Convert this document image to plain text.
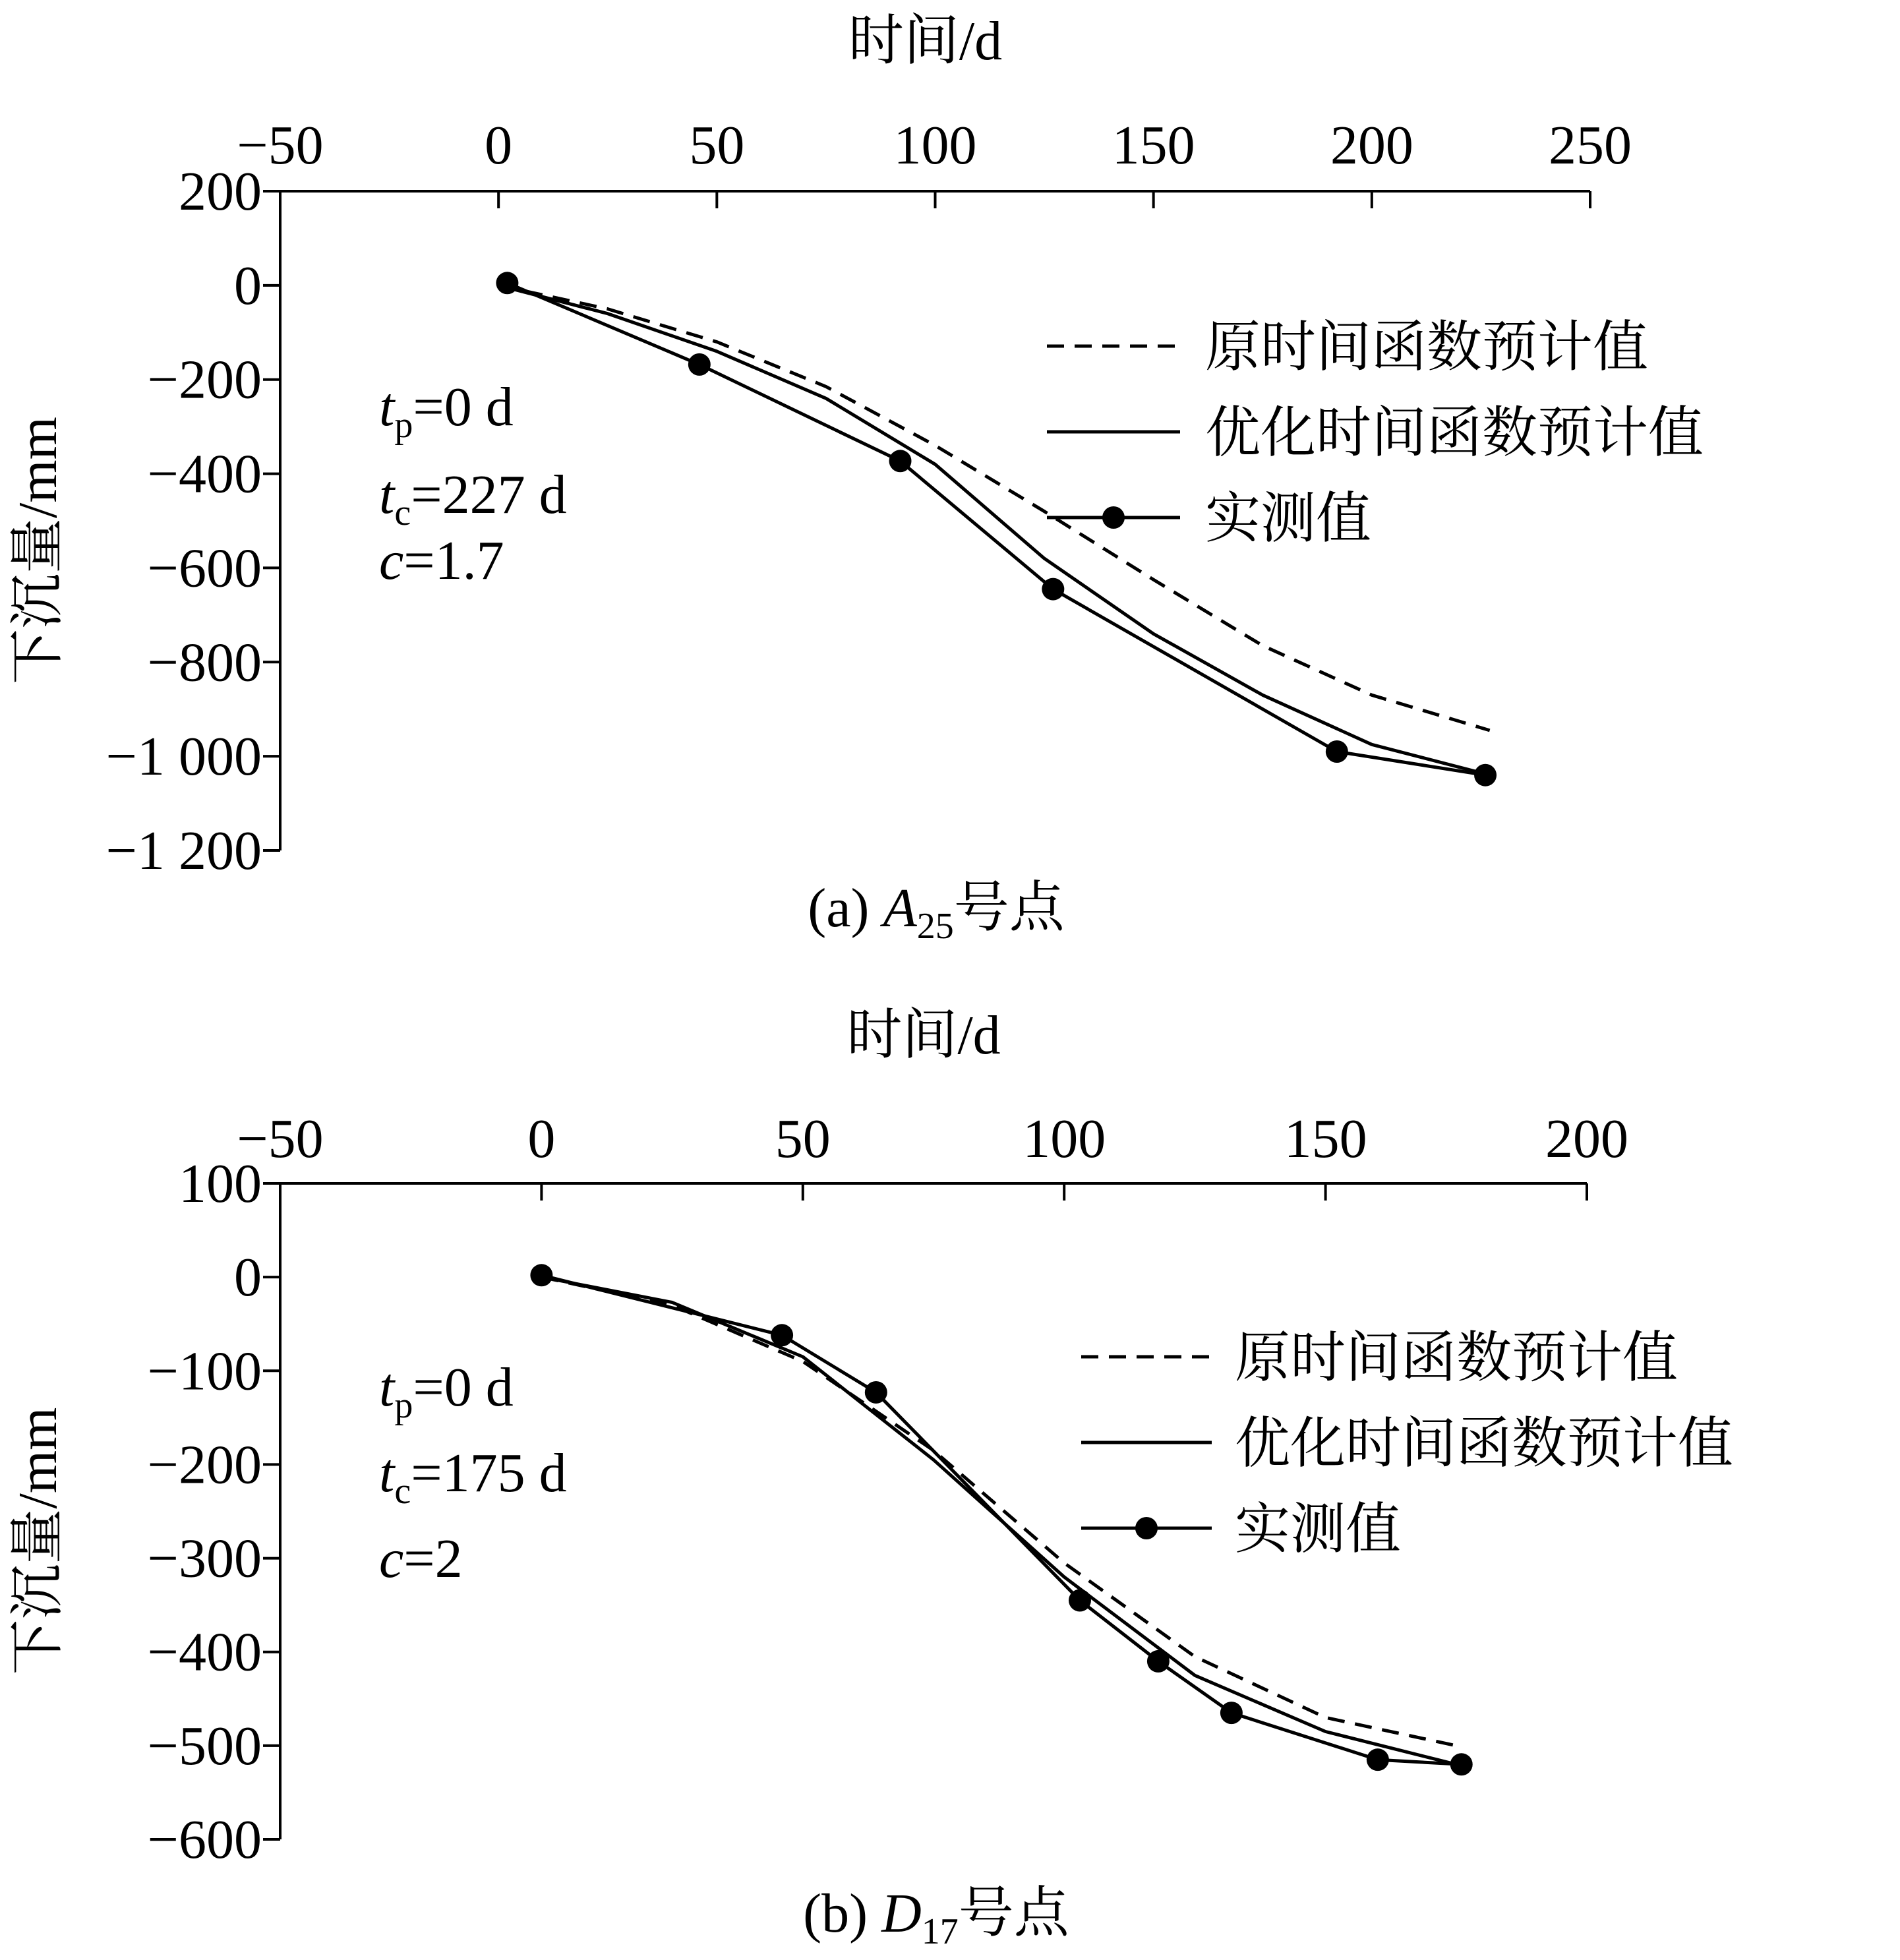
−50	0	50	100 150 200 250
200
0
−200
−400
−600
−800
−1 000
−1 200
时间/d
下沉量/mm
$t_p=0$ d
$t_c=227$ d
c=1.7
原时间函数预计值
优化时间函数预计值
实测值
(a) $A_{25}$号点
−50	0	50	100	150	200
100
0
−100
−200
−300
−400
−500
−600
时间/d
下沉量/mm
$t_p=0$ d
$t_c=175$ d
c=2
原时间函数预计值
优化时间函数预计值
实测值
(b) $D_{17}$号点
